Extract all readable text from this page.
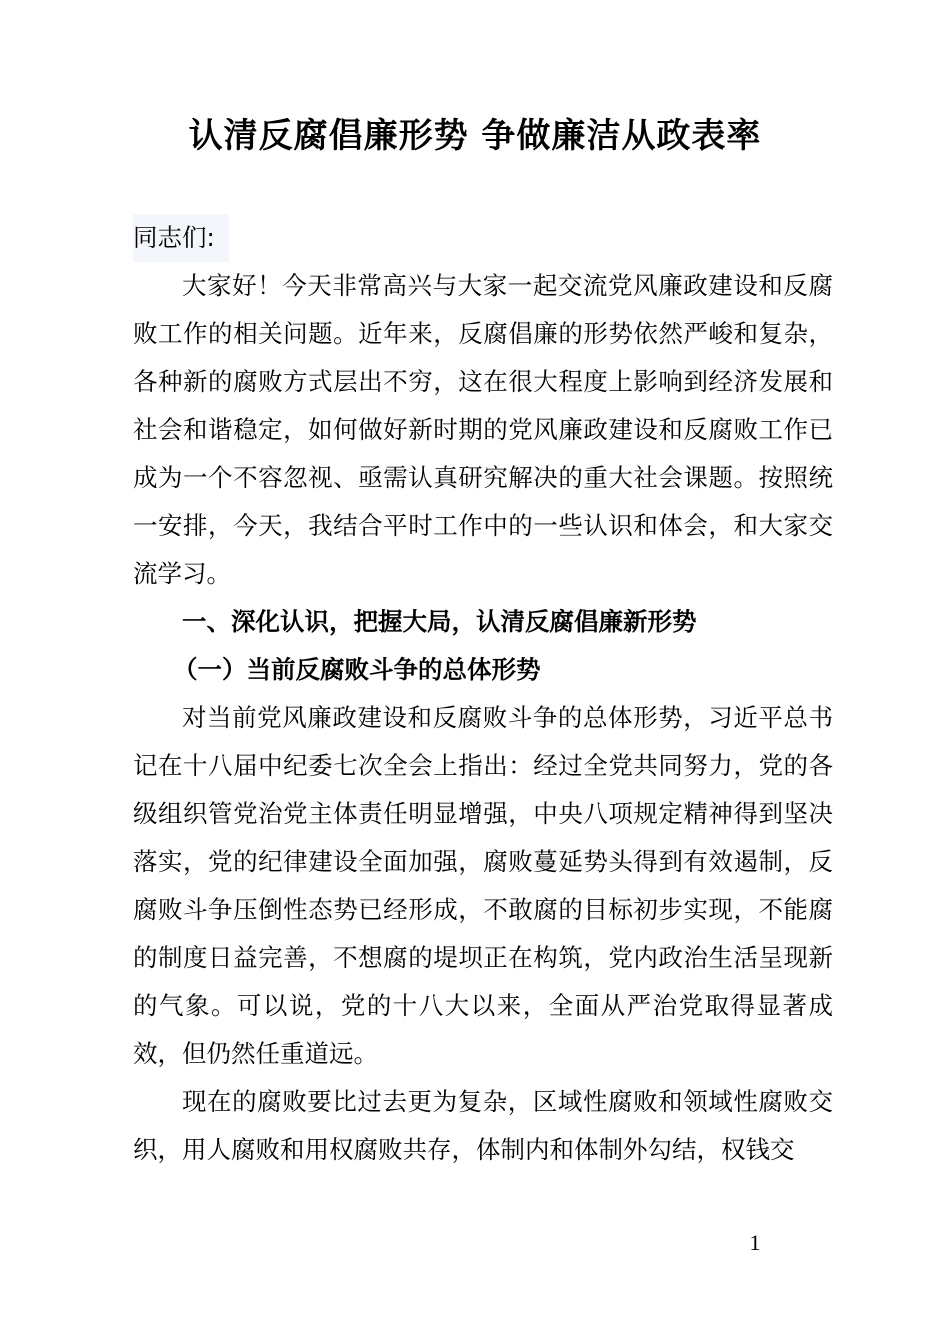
认清反腐倡廉形势 争做廉洁从政表率

同志们:

大家好！今天非常高兴与大家一起交流党风廉政建设和反腐败工作的相关问题。近年来，反腐倡廉的形势依然严峻和复杂，各种新的腐败方式层出不穷，这在很大程度上影响到经济发展和社会和谐稳定，如何做好新时期的党风廉政建设和反腐败工作已成为一个不容忽视、亟需认真研究解决的重大社会课题。按照统一安排，今天，我结合平时工作中的一些认识和体会，和大家交流学习。

一、深化认识，把握大局，认清反腐倡廉新形势

（一）当前反腐败斗争的总体形势

对当前党风廉政建设和反腐败斗争的总体形势，习近平总书记在十八届中纪委七次全会上指出：经过全党共同努力，党的各级组织管党治党主体责任明显增强，中央八项规定精神得到坚决落实，党的纪律建设全面加强，腐败蔓延势头得到有效遏制，反腐败斗争压倒性态势已经形成，不敢腐的目标初步实现，不能腐的制度日益完善，不想腐的堤坝正在构筑，党内政治生活呈现新的气象。可以说，党的十八大以来，全面从严治党取得显著成效，但仍然任重道远。

现在的腐败要比过去更为复杂，区域性腐败和领域性腐败交织，用人腐败和用权腐败共存，体制内和体制外勾结，权钱交

1
